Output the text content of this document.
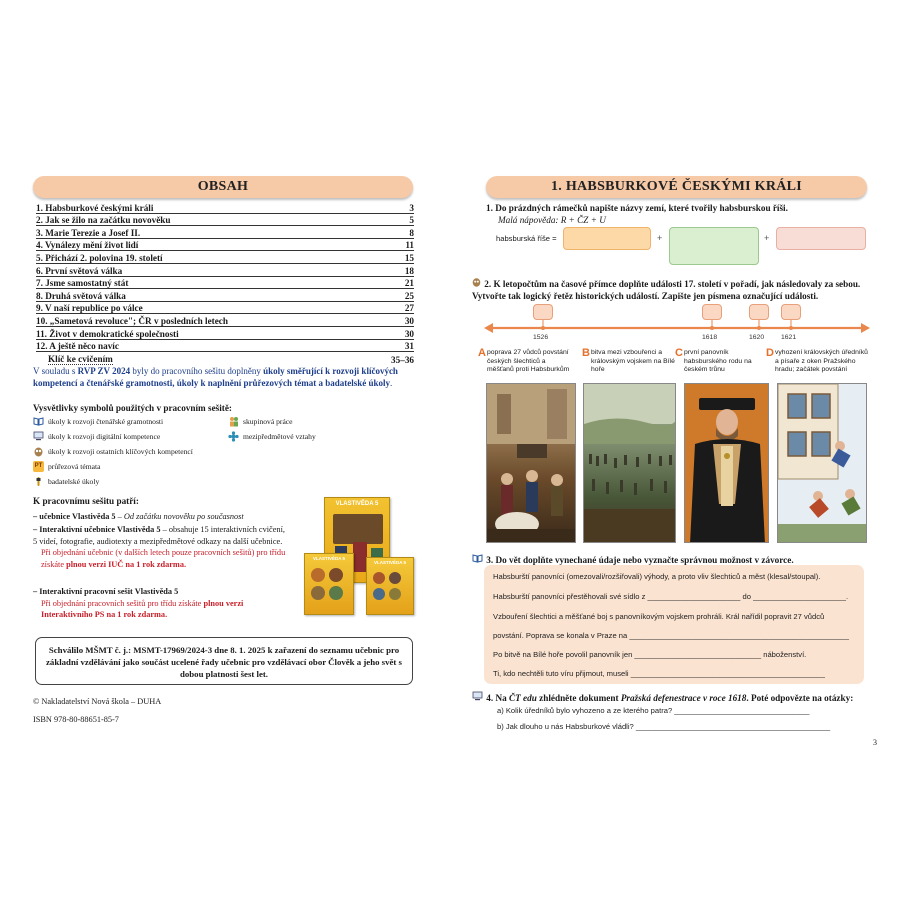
OBSAH
1. Habsburkové českými králi	3
2. Jak se žilo na začátku novověku	5
3. Marie Terezie a Josef II.	8
4. Vynálezy mění život lidí	11
5. Přichází 2. polovina 19. století	15
6. První světová válka	18
7. Jsme samostatný stát	21
8. Druhá světová válka	25
9. V naší republice po válce	27
10. „Sametová revoluce"; ČR v posledních letech	30
11. Život v demokratické společnosti	30
12. A ještě něco navíc	31
Klíč ke cvičením	35–36
V souladu s RVP ZV 2024 byly do pracovního sešitu doplněny úkoly směřující k rozvoji klíčových kompetencí a čtenářské gramotnosti, úkoly k naplnění průřezových témat a badatelské úkoly.
Vysvětlivky symbolů použitých v pracovním sešitě:
úkoly k rozvoji čtenářské gramotnosti
úkoly k rozvoji digitální kompetence
úkoly k rozvoji ostatních klíčových kompetencí
PT průřezová témata
badatelské úkoly
skupinová práce
mezipředmětové vztahy
K pracovnímu sešitu patří:
– učebnice Vlastivěda 5 – Od začátku novověku po současnost
– Interaktivní učebnice Vlastivěda 5 – obsahuje 15 interaktivních cvičení, 5 videí, fotografie, audiotexty a mezipředmětové odkazy na další učebnice.
Při objednání učebnic (v dalších letech pouze pracovních sešitů) pro třídu získáte plnou verzi IUČ na 1 rok zdarma.
– Interaktivní pracovní sešit Vlastivěda 5
Při objednání pracovních sešitů pro třídu získáte plnou verzi Interaktivního PS na 1 rok zdarma.
VLASTIVĚDA 5
VLASTIVĚDA 5
VLASTIVĚDA 5
Schválilo MŠMT č. j.: MSMT-17969/2024-3 dne 8. 1. 2025 k zařazení do seznamu učebnic pro základní vzdělávání jako součást ucelené řady učebnic pro vzdělávací obor Člověk a jeho svět s dobou platnosti šest let.
© Nakladatelství Nová škola – DUHA
ISBN 978-80-88651-85-7
1. HABSBURKOVÉ ČESKÝMI KRÁLI
1. Do prázdných rámečků napište názvy zemí, které tvořily habsburskou říši.
Malá nápověda: R + ČZ + U
habsburská říše =	+	+
2. K letopočtům na časové přímce doplňte události 17. století v pořadí, jak následovaly za sebou. Vytvořte tak logický řetěz historických událostí. Zapište jen písmena označující události.
1526	1618	1620 1621
A poprava 27 vůdců povstání českých šlechticů a měšťanů proti Habsburkům
B bitva mezi vzbouřenci a královským vojskem na Bílé hoře
C první panovník habsburského rodu na českém trůnu
D vyhození královských úředníků a písaře z oken Pražského hradu; začátek povstání
3. Do vět doplňte vynechané údaje nebo vyznačte správnou možnost v závorce.
Habsburští panovníci (omezovali/rozšiřovali) výhody, a proto vliv šlechticů a měst (klesal/stoupal).
Habsburští panovníci přestěhovali své sídlo z ______________________ do ______________________.
Vzbouření šlechtici a měšťané boj s panovníkovým vojskem prohráli. Král nařídil popravit 27 vůdců
povstání. Poprava se konala v Praze na ____________________________________________________
Po bitvě na Bílé hoře povolil panovník jen ______________________________ náboženství.
Ti, kdo nechtěli tuto víru přijmout, museli ______________________________________________
4. Na ČT edu zhlédněte dokument Pražská defenestrace v roce 1618. Poté odpovězte na otázky:
a) Kolik úředníků bylo vyhozeno a ze kterého patra? ________________________________
b) Jak dlouho u nás Habsburkové vládli? ______________________________________________
3
